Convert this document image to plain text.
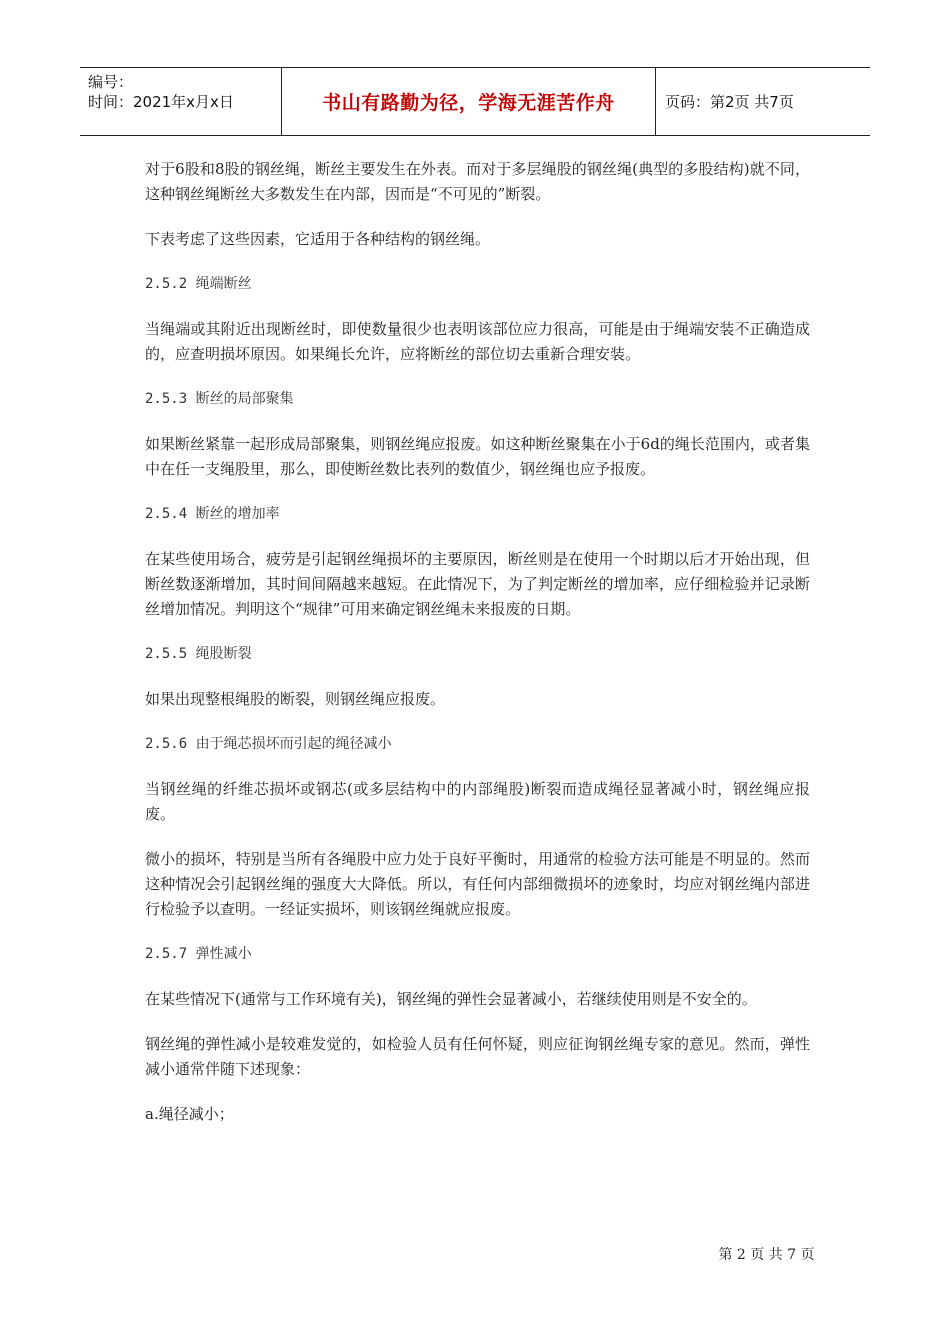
编号：
时间：2021年x月x日	书山有路勤为径，学海无涯苦作舟	页码：第2页 共7页

对于6股和8股的钢丝绳，断丝主要发生在外表。而对于多层绳股的钢丝绳(典型的多股结构)就不同，这种钢丝绳断丝大多数发生在内部，因而是“不可见的”断裂。

下表考虑了这些因素，它适用于各种结构的钢丝绳。

2.5.2 绳端断丝

当绳端或其附近出现断丝时，即使数量很少也表明该部位应力很高，可能是由于绳端安装不正确造成的，应查明损坏原因。如果绳长允许，应将断丝的部位切去重新合理安装。

2.5.3 断丝的局部聚集

如果断丝紧靠一起形成局部聚集，则钢丝绳应报废。如这种断丝聚集在小于6d的绳长范围内，或者集中在任一支绳股里，那么，即使断丝数比表列的数值少，钢丝绳也应予报废。

2.5.4 断丝的增加率

在某些使用场合，疲劳是引起钢丝绳损坏的主要原因，断丝则是在使用一个时期以后才开始出现，但断丝数逐渐增加，其时间间隔越来越短。在此情况下，为了判定断丝的增加率，应仔细检验并记录断丝增加情况。判明这个“规律”可用来确定钢丝绳未来报废的日期。

2.5.5 绳股断裂

如果出现整根绳股的断裂，则钢丝绳应报废。

2.5.6 由于绳芯损坏而引起的绳径减小

当钢丝绳的纤维芯损坏或钢芯(或多层结构中的内部绳股)断裂而造成绳径显著减小时，钢丝绳应报废。

微小的损坏，特别是当所有各绳股中应力处于良好平衡时，用通常的检验方法可能是不明显的。然而这种情况会引起钢丝绳的强度大大降低。所以，有任何内部细微损坏的迹象时，均应对钢丝绳内部进行检验予以查明。一经证实损坏，则该钢丝绳就应报废。

2.5.7 弹性减小

在某些情况下(通常与工作环境有关)，钢丝绳的弹性会显著减小，若继续使用则是不安全的。

钢丝绳的弹性减小是较难发觉的，如检验人员有任何怀疑，则应征询钢丝绳专家的意见。然而，弹性减小通常伴随下述现象：

a.绳径减小；

第 2 页 共 7 页
